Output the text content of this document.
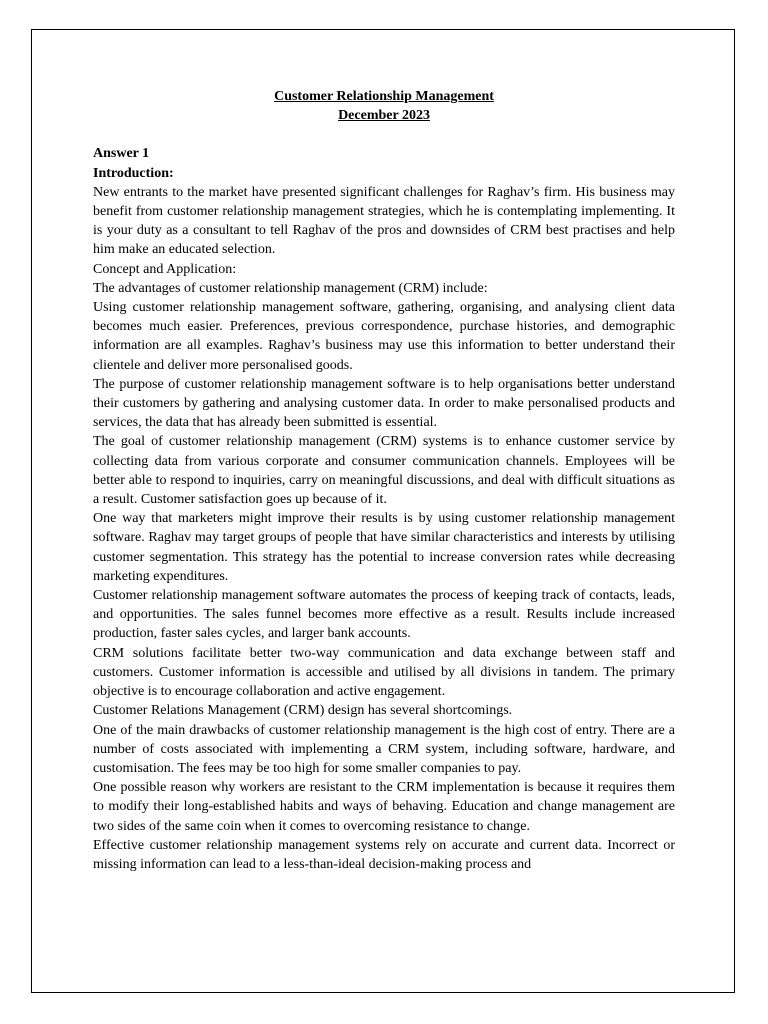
Customer Relationship Management
December 2023
Answer 1
Introduction:

New entrants to the market have presented significant challenges for Raghav’s firm. His business may benefit from customer relationship management strategies, which he is contemplating implementing. It is your duty as a consultant to tell Raghav of the pros and downsides of CRM best practises and help him make an educated selection.

Concept and Application:

The advantages of customer relationship management (CRM) include:

Using customer relationship management software, gathering, organising, and analysing client data becomes much easier. Preferences, previous correspondence, purchase histories, and demographic information are all examples. Raghav’s business may use this information to better understand their clientele and deliver more personalised goods.

The purpose of customer relationship management software is to help organisations better understand their customers by gathering and analysing customer data. In order to make personalised products and services, the data that has already been submitted is essential.

The goal of customer relationship management (CRM) systems is to enhance customer service by collecting data from various corporate and consumer communication channels. Employees will be better able to respond to inquiries, carry on meaningful discussions, and deal with difficult situations as a result. Customer satisfaction goes up because of it.

One way that marketers might improve their results is by using customer relationship management software. Raghav may target groups of people that have similar characteristics and interests by utilising customer segmentation. This strategy has the potential to increase conversion rates while decreasing marketing expenditures.

Customer relationship management software automates the process of keeping track of contacts, leads, and opportunities. The sales funnel becomes more effective as a result. Results include increased production, faster sales cycles, and larger bank accounts.

CRM solutions facilitate better two-way communication and data exchange between staff and customers. Customer information is accessible and utilised by all divisions in tandem. The primary objective is to encourage collaboration and active engagement.

Customer Relations Management (CRM) design has several shortcomings.

One of the main drawbacks of customer relationship management is the high cost of entry. There are a number of costs associated with implementing a CRM system, including software, hardware, and customisation. The fees may be too high for some smaller companies to pay.

One possible reason why workers are resistant to the CRM implementation is because it requires them to modify their long-established habits and ways of behaving. Education and change management are two sides of the same coin when it comes to overcoming resistance to change.

Effective customer relationship management systems rely on accurate and current data. Incorrect or missing information can lead to a less-than-ideal decision-making process and
